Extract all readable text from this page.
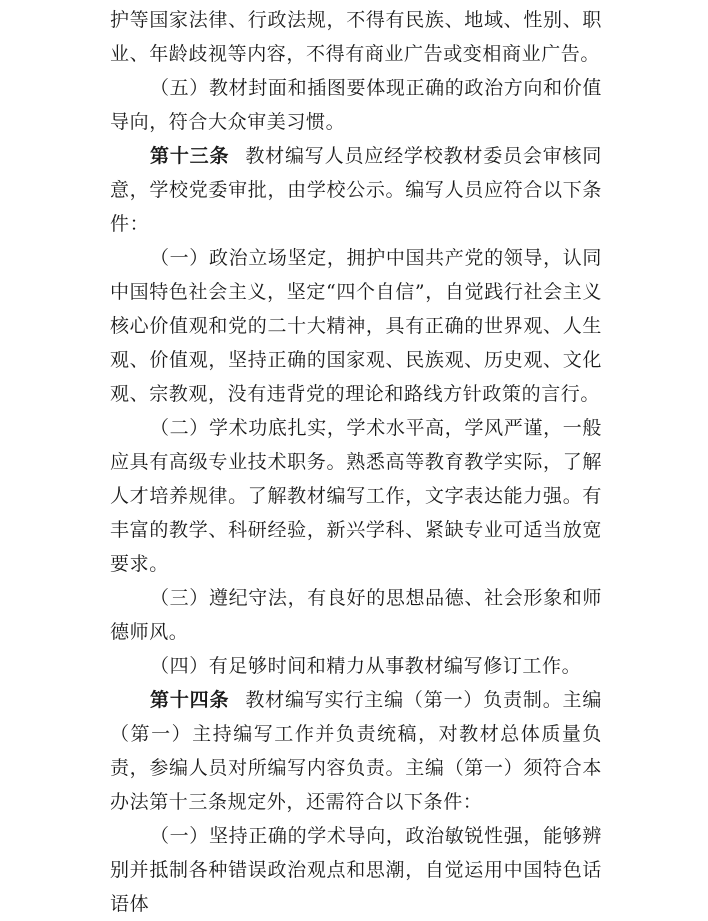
护等国家法律、行政法规，不得有民族、地域、性别、职业、年龄歧视等内容，不得有商业广告或变相商业广告。

（五）教材封面和插图要体现正确的政治方向和价值导向，符合大众审美习惯。

第十三条 教材编写人员应经学校教材委员会审核同意，学校党委审批，由学校公示。编写人员应符合以下条件：

（一）政治立场坚定，拥护中国共产党的领导，认同中国特色社会主义，坚定“四个自信”，自觉践行社会主义核心价值观和党的二十大精神，具有正确的世界观、人生观、价值观，坚持正确的国家观、民族观、历史观、文化观、宗教观，没有违背党的理论和路线方针政策的言行。

（二）学术功底扎实，学术水平高，学风严谨，一般应具有高级专业技术职务。熟悉高等教育教学实际，了解人才培养规律。了解教材编写工作，文字表达能力强。有丰富的教学、科研经验，新兴学科、紧缺专业可适当放宽要求。

（三）遵纪守法，有良好的思想品德、社会形象和师德师风。

（四）有足够时间和精力从事教材编写修订工作。

第十四条 教材编写实行主编（第一）负责制。主编（第一）主持编写工作并负责统稿，对教材总体质量负责，参编人员对所编写内容负责。主编（第一）须符合本办法第十三条规定外，还需符合以下条件：

（一）坚持正确的学术导向，政治敏锐性强，能够辨别并抵制各种错误政治观点和思潮，自觉运用中国特色话语体
